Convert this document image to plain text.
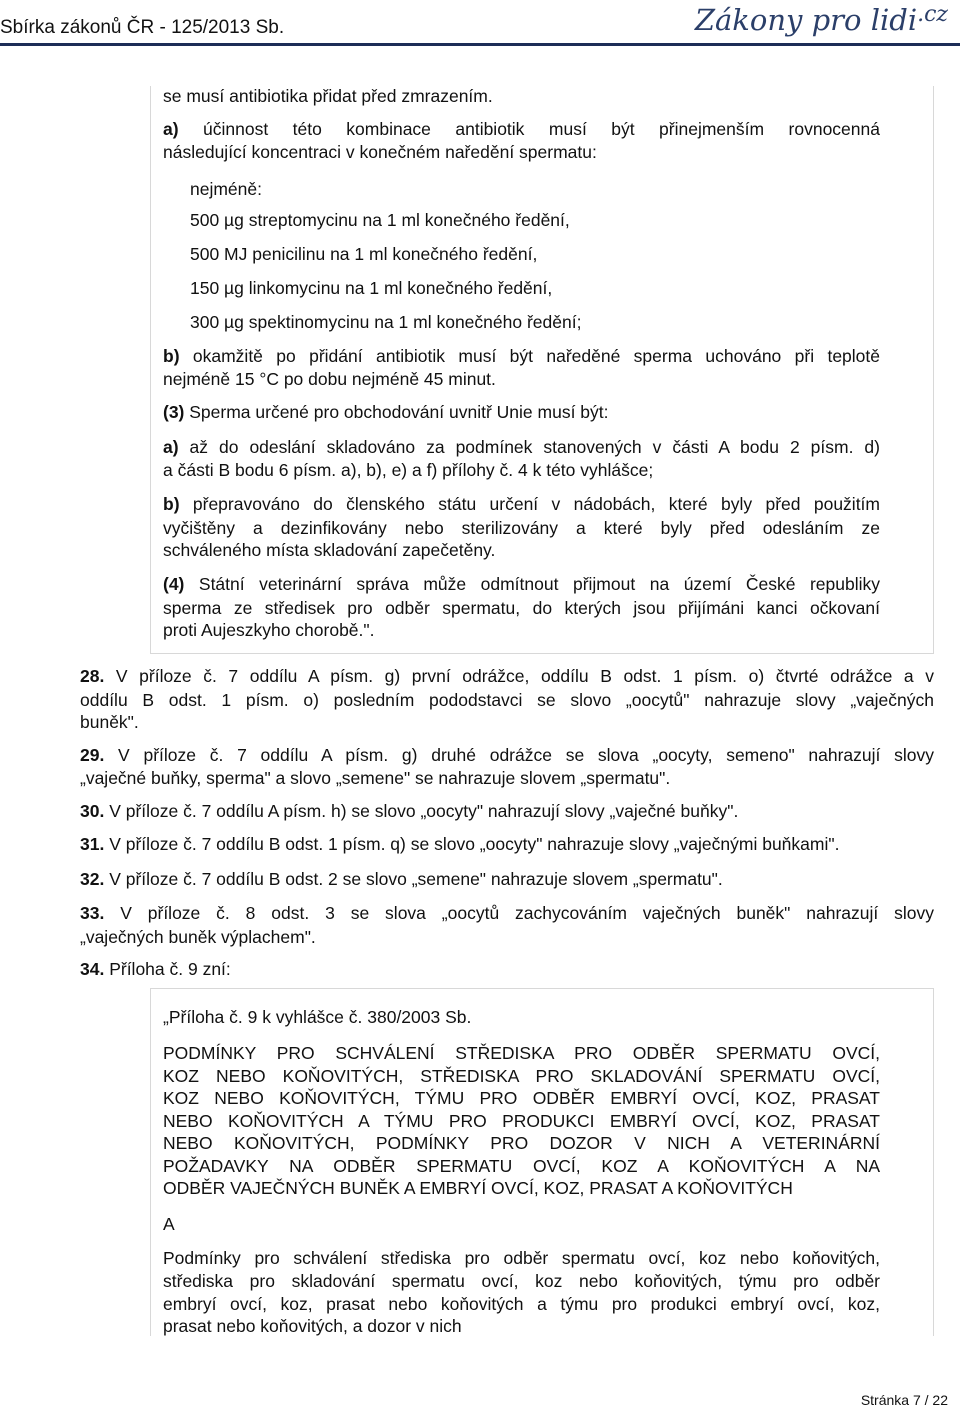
Sbírka zákonů ČR - 125/2013 Sb.	Zákony pro lidi$^{.cz}$
se musí antibiotika přidat před zmrazením.
a) účinnost této kombinace antibiotik musí být přinejmenším rovnocenná
následující koncentraci v konečném naředění spermatu:
nejméně:
500 µg streptomycinu na 1 ml konečného ředění,
500 MJ penicilinu na 1 ml konečného ředění,
150 µg linkomycinu na 1 ml konečného ředění,
300 µg spektinomycinu na 1 ml konečného ředění;
b) okamžitě po přidání antibiotik musí být naředěné sperma uchováno při teplotě
nejméně 15 °C po dobu nejméně 45 minut.
(3) Sperma určené pro obchodování uvnitř Unie musí být:
a) až do odeslání skladováno za podmínek stanovených v části A bodu 2 písm. d)
a části B bodu 6 písm. a), b), e) a f) přílohy č. 4 k této vyhlášce;
b) přepravováno do členského státu určení v nádobách, které byly před použitím
vyčištěny a dezinfikovány nebo sterilizovány a které byly před odesláním ze
schváleného místa skladování zapečetěny.
(4) Státní veterinární správa může odmítnout přijmout na území České republiky
sperma ze středisek pro odběr spermatu, do kterých jsou přijímáni kanci očkovaní
proti Aujeszkyho chorobě.".
28. V příloze č. 7 oddílu A písm. g) první odrážce, oddílu B odst. 1 písm. o) čtvrté odrážce a v
oddílu B odst. 1 písm. o) posledním pododstavci se slovo „oocytů" nahrazuje slovy „vaječných
buněk".
29. V příloze č. 7 oddílu A písm. g) druhé odrážce se slova „oocyty, semeno" nahrazují slovy
„vaječné buňky, sperma" a slovo „semene" se nahrazuje slovem „spermatu".
30. V příloze č. 7 oddílu A písm. h) se slovo „oocyty" nahrazují slovy „vaječné buňky".
31. V příloze č. 7 oddílu B odst. 1 písm. q) se slovo „oocyty" nahrazuje slovy „vaječnými buňkami".
32. V příloze č. 7 oddílu B odst. 2 se slovo „semene" nahrazuje slovem „spermatu".
33. V příloze č. 8 odst. 3 se slova „oocytů zachycováním vaječných buněk" nahrazují slovy
„vaječných buněk výplachem".
34. Příloha č. 9 zní:
„Příloha č. 9 k vyhlášce č. 380/2003 Sb.
PODMÍNKY PRO SCHVÁLENÍ STŘEDISKA PRO ODBĚR SPERMATU OVCÍ,
KOZ NEBO KOŇOVITÝCH, STŘEDISKA PRO SKLADOVÁNÍ SPERMATU OVCÍ,
KOZ NEBO KOŇOVITÝCH, TÝMU PRO ODBĚR EMBRYÍ OVCÍ, KOZ, PRASAT
NEBO KOŇOVITÝCH A TÝMU PRO PRODUKCI EMBRYÍ OVCÍ, KOZ, PRASAT
NEBO KOŇOVITÝCH, PODMÍNKY PRO DOZOR V NICH A VETERINÁRNÍ
POŽADAVKY NA ODBĚR SPERMATU OVCÍ, KOZ A KOŇOVITÝCH A NA
ODBĚR VAJEČNÝCH BUNĚK A EMBRYÍ OVCÍ, KOZ, PRASAT A KOŇOVITÝCH
A
Podmínky pro schválení střediska pro odběr spermatu ovcí, koz nebo koňovitých,
střediska pro skladování spermatu ovcí, koz nebo koňovitých, týmu pro odběr
embryí ovcí, koz, prasat nebo koňovitých a týmu pro produkci embryí ovcí, koz,
prasat nebo koňovitých, a dozor v nich
Stránka 7 / 22
